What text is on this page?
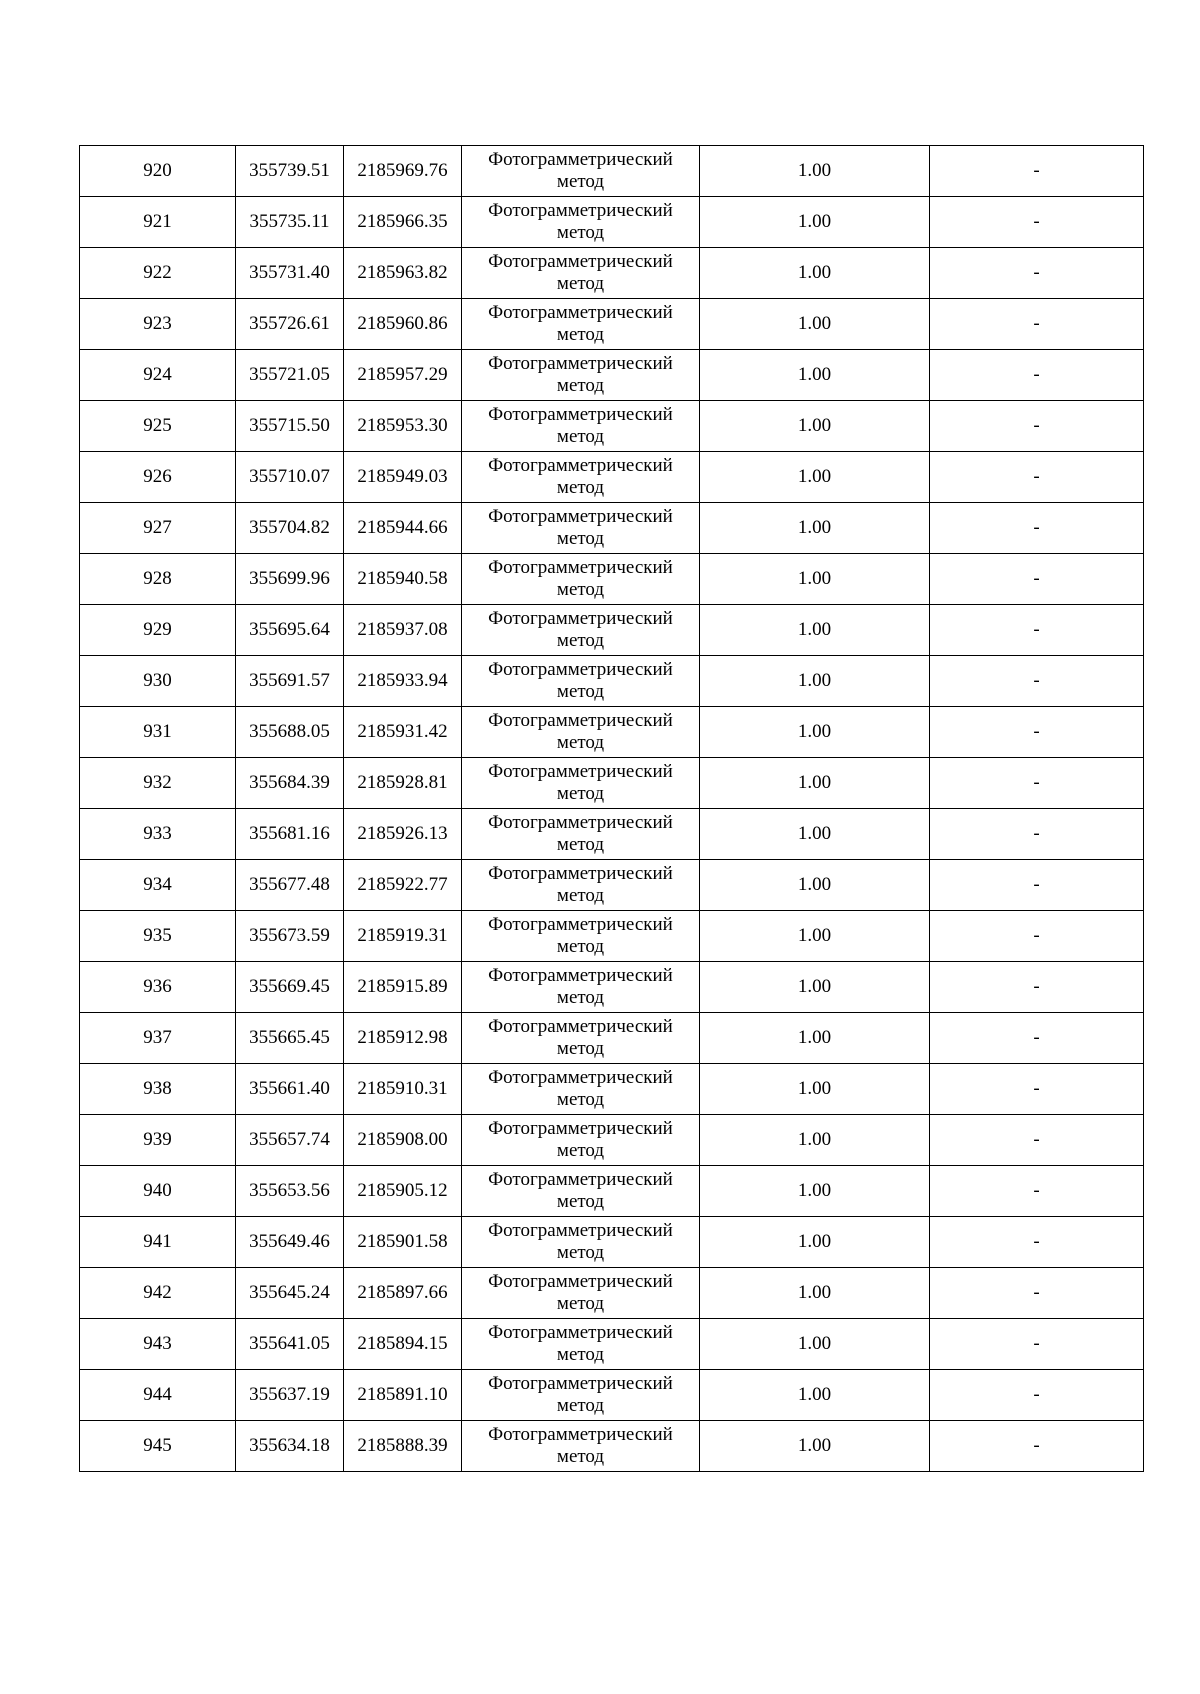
920	355739.51	2185969.76	Фотограмметрический
метод	1.00	-
921	355735.11	2185966.35	Фотограмметрический
метод	1.00	-
922	355731.40	2185963.82	Фотограмметрический
метод	1.00	-
923	355726.61	2185960.86	Фотограмметрический
метод	1.00	-
924	355721.05	2185957.29	Фотограмметрический
метод	1.00	-
925	355715.50	2185953.30	Фотограмметрический
метод	1.00	-
926	355710.07	2185949.03	Фотограмметрический
метод	1.00	-
927	355704.82	2185944.66	Фотограмметрический
метод	1.00	-
928	355699.96	2185940.58	Фотограмметрический
метод	1.00	-
929	355695.64	2185937.08	Фотограмметрический
метод	1.00	-
930	355691.57	2185933.94	Фотограмметрический
метод	1.00	-
931	355688.05	2185931.42	Фотограмметрический
метод	1.00	-
932	355684.39	2185928.81	Фотограмметрический
метод	1.00	-
933	355681.16	2185926.13	Фотограмметрический
метод	1.00	-
934	355677.48	2185922.77	Фотограмметрический
метод	1.00	-
935	355673.59	2185919.31	Фотограмметрический
метод	1.00	-
936	355669.45	2185915.89	Фотограмметрический
метод	1.00	-
937	355665.45	2185912.98	Фотограмметрический
метод	1.00	-
938	355661.40	2185910.31	Фотограмметрический
метод	1.00	-
939	355657.74	2185908.00	Фотограмметрический
метод	1.00	-
940	355653.56	2185905.12	Фотограмметрический
метод	1.00	-
941	355649.46	2185901.58	Фотограмметрический
метод	1.00	-
942	355645.24	2185897.66	Фотограмметрический
метод	1.00	-
943	355641.05	2185894.15	Фотограмметрический
метод	1.00	-
944	355637.19	2185891.10	Фотограмметрический
метод	1.00	-
945	355634.18	2185888.39	Фотограмметрический
метод	1.00	-
